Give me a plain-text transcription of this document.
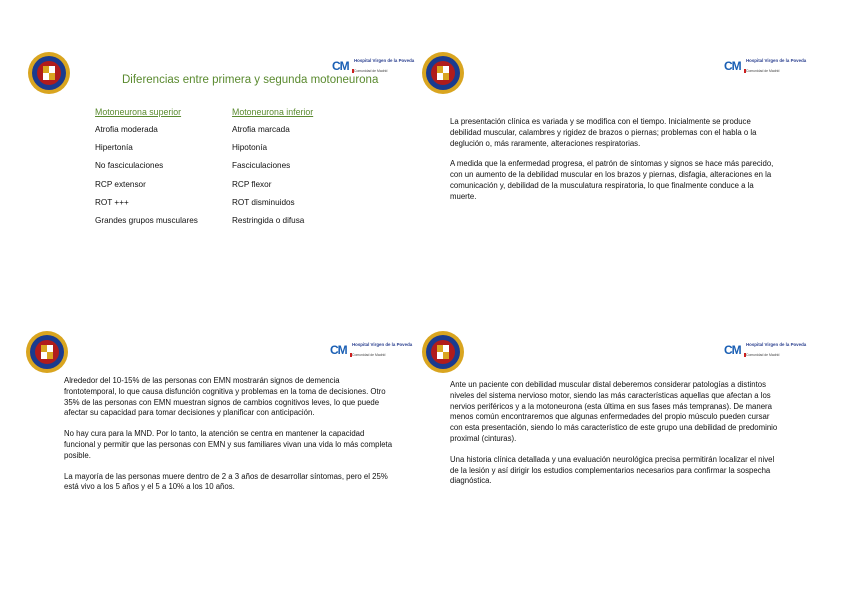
CM Hospital Virgen de la Poveda
Comunidad de Madrid
Diferencias entre primera y segunda motoneurona
Motoneurona superior
Atrofia moderada
Hipertonía
No fasciculaciones
RCP extensor
ROT +++
Grandes grupos musculares
Motoneurona inferior
Atrofia marcada
Hipotonía
Fasciculaciones
RCP flexor
ROT disminuidos
Restringida o difusa
CM Hospital Virgen de la Poveda
Comunidad de Madrid

La presentación clínica es variada y se modifica con el tiempo. Inicialmente se produce debilidad muscular, calambres y rigidez de brazos o piernas; problemas con el habla o la deglución o, más raramente, alteraciones respiratorias.

A medida que la enfermedad progresa, el patrón de síntomas y signos se hace más parecido, con un aumento de la debilidad muscular en los brazos y piernas, disfagia, alteraciones en la comunicación y, debilidad de la musculatura respiratoria, lo que finalmente conduce a la muerte.

CM Hospital Virgen de la Poveda
Comunidad de Madrid

Alrededor del 10-15% de las personas con EMN mostrarán signos de demencia frontotemporal, lo que causa disfunción cognitiva y problemas en la toma de decisiones. Otro 35% de las personas con EMN muestran signos de cambios cognitivos leves, lo que puede afectar su capacidad para tomar decisiones y planificar con anticipación.

No hay cura para la MND. Por lo tanto, la atención se centra en mantener la capacidad funcional y permitir que las personas con EMN y sus familiares vivan una vida lo más completa posible.

La mayoría de las personas muere dentro de 2 a 3 años de desarrollar síntomas, pero el 25% está vivo a los 5 años y el 5 a 10% a los 10 años.

CM Hospital Virgen de la Poveda
Comunidad de Madrid

Ante un paciente con debilidad muscular distal deberemos considerar patologías a distintos niveles del sistema nervioso motor, siendo las más características aquellas que afectan a los nervios periféricos y a la motoneurona (esta última en sus fases más tempranas). De manera menos común encontraremos que algunas enfermedades del propio músculo pueden cursar con esta presentación, siendo lo más característico de este grupo una debilidad de predominio proximal (cinturas).

Una historia clínica detallada y una evaluación neurológica precisa permitirán localizar el nivel de la lesión y así dirigir los estudios complementarios necesarios para confirmar la sospecha diagnóstica.
